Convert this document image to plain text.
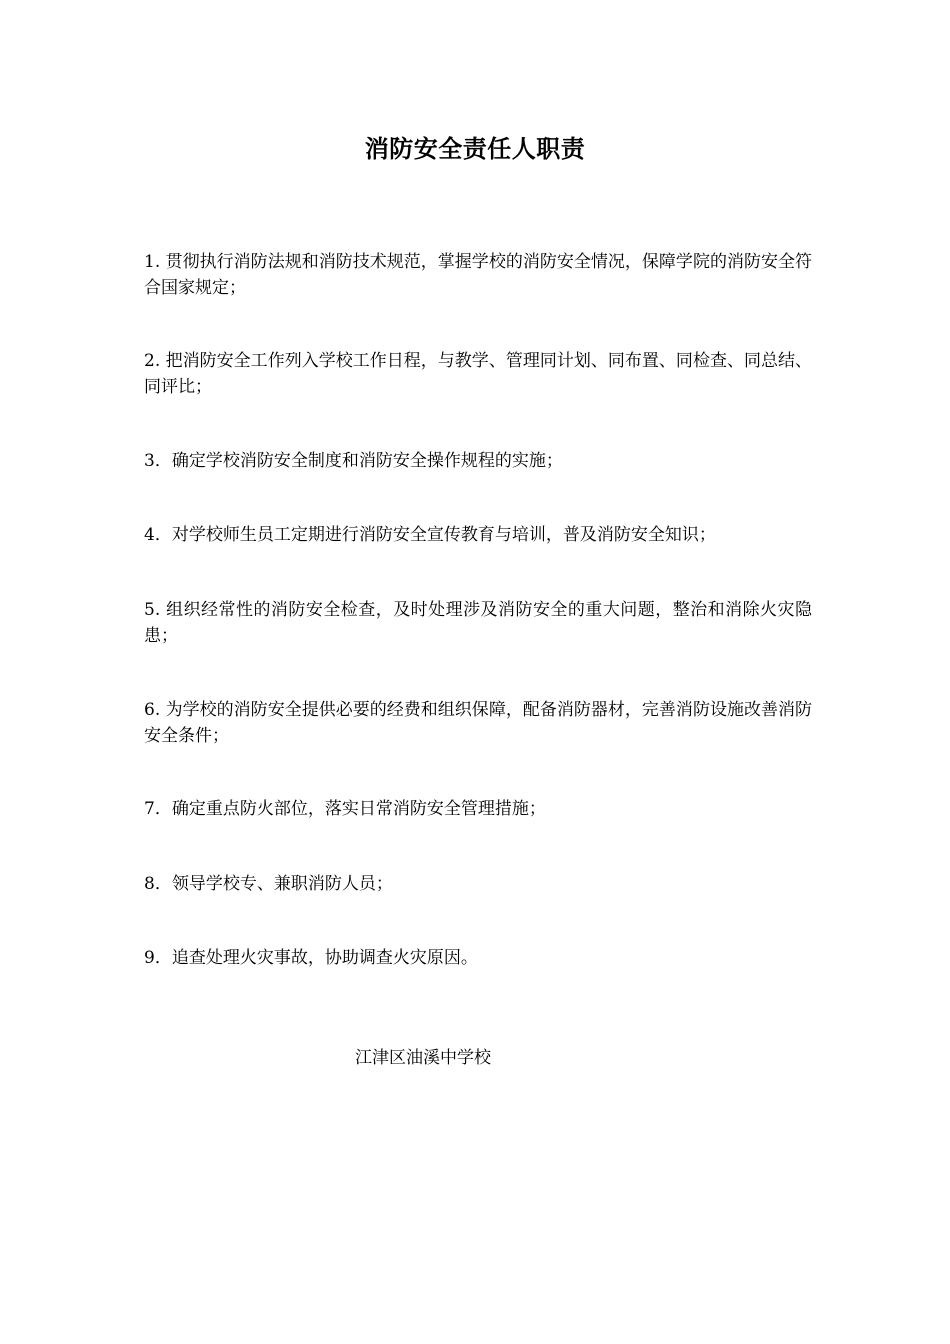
消防安全责任人职责
1. 贯彻执行消防法规和消防技术规范，掌握学校的消防安全情况，保障学院的消防安全符合国家规定；
2. 把消防安全工作列入学校工作日程，与教学、管理同计划、同布置、同检查、同总结、同评比；
3．确定学校消防安全制度和消防安全操作规程的实施；
4．对学校师生员工定期进行消防安全宣传教育与培训，普及消防安全知识；
5. 组织经常性的消防安全检查，及时处理涉及消防安全的重大问题，整治和消除火灾隐患；
6. 为学校的消防安全提供必要的经费和组织保障，配备消防器材，完善消防设施改善消防安全条件；
7．确定重点防火部位，落实日常消防安全管理措施；
8．领导学校专、兼职消防人员；
9．追查处理火灾事故，协助调查火灾原因。
江津区油溪中学校
